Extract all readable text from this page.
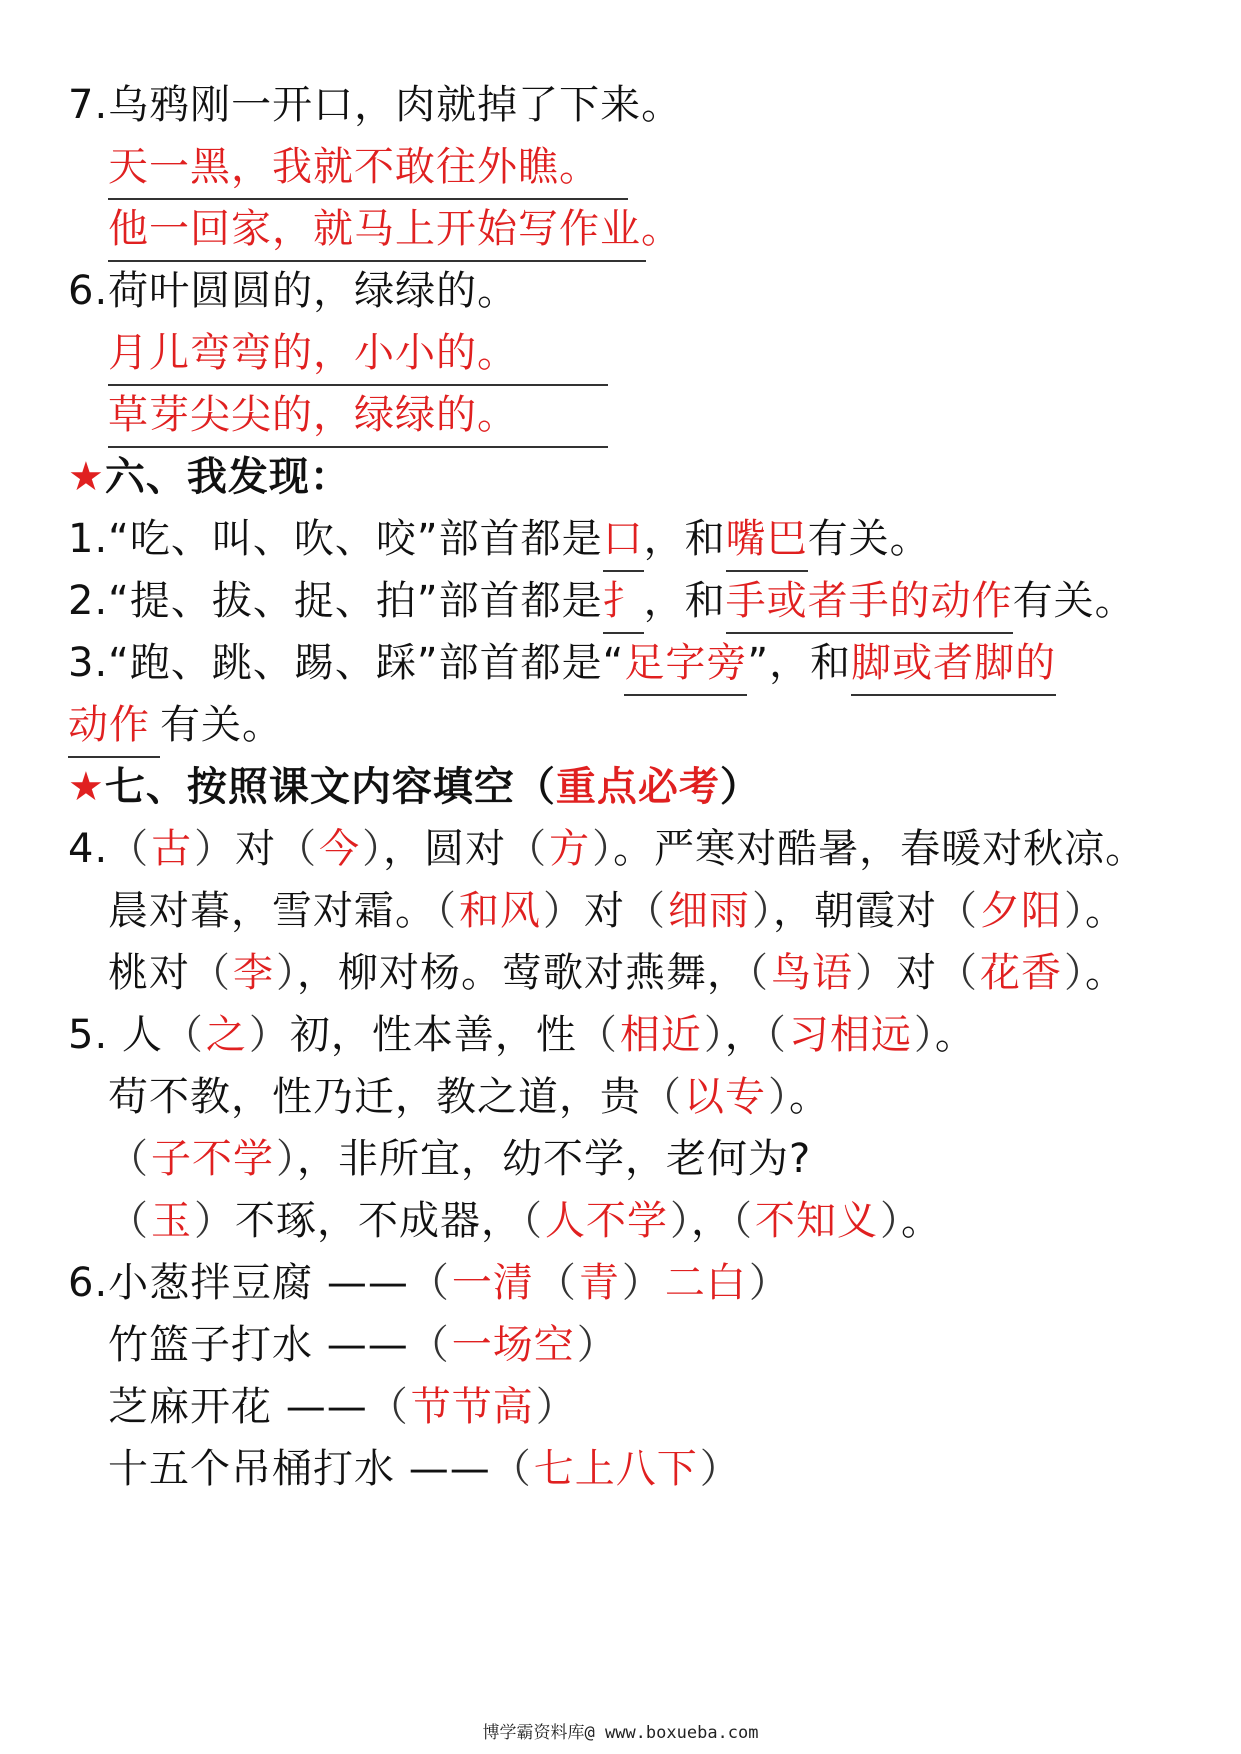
7.乌鸦刚一开口，肉就掉了下来。
天一黑，我就不敢往外瞧。
他一回家，就马上开始写作业。
6.荷叶圆圆的，绿绿的。
月儿弯弯的，小小的。
草芽尖尖的，绿绿的。
★六、我发现：
1.“吃、叫、吹、咬”部首都是口，和嘴巴有关。
2.“提、拔、捉、拍”部首都是扌，和手或者手的动作有关。
3.“跑、跳、踢、踩”部首都是“足字旁”，和脚或者脚的
动作 有关。
★七、按照课文内容填空（重点必考）
4.（古）对（今），圆对（方）。严寒对酷暑，春暖对秋凉。
晨对暮，雪对霜。（和风）对（细雨），朝霞对（夕阳）。
桃对（李），柳对杨。莺歌对燕舞，（鸟语）对（花香）。
5. 人（之）初，性本善，性（相近），（习相远）。
苟不教，性乃迁，教之道，贵（以专）。
（子不学），非所宜，幼不学，老何为?
（玉）不琢，不成器，（人不学），（不知义）。
6.小葱拌豆腐 ——（一清（青）二白）
竹篮子打水 ——（一场空）
芝麻开花 ——（节节高）
十五个吊桶打水 ——（七上八下）
博学霸资料库@ www.boxueba.com
